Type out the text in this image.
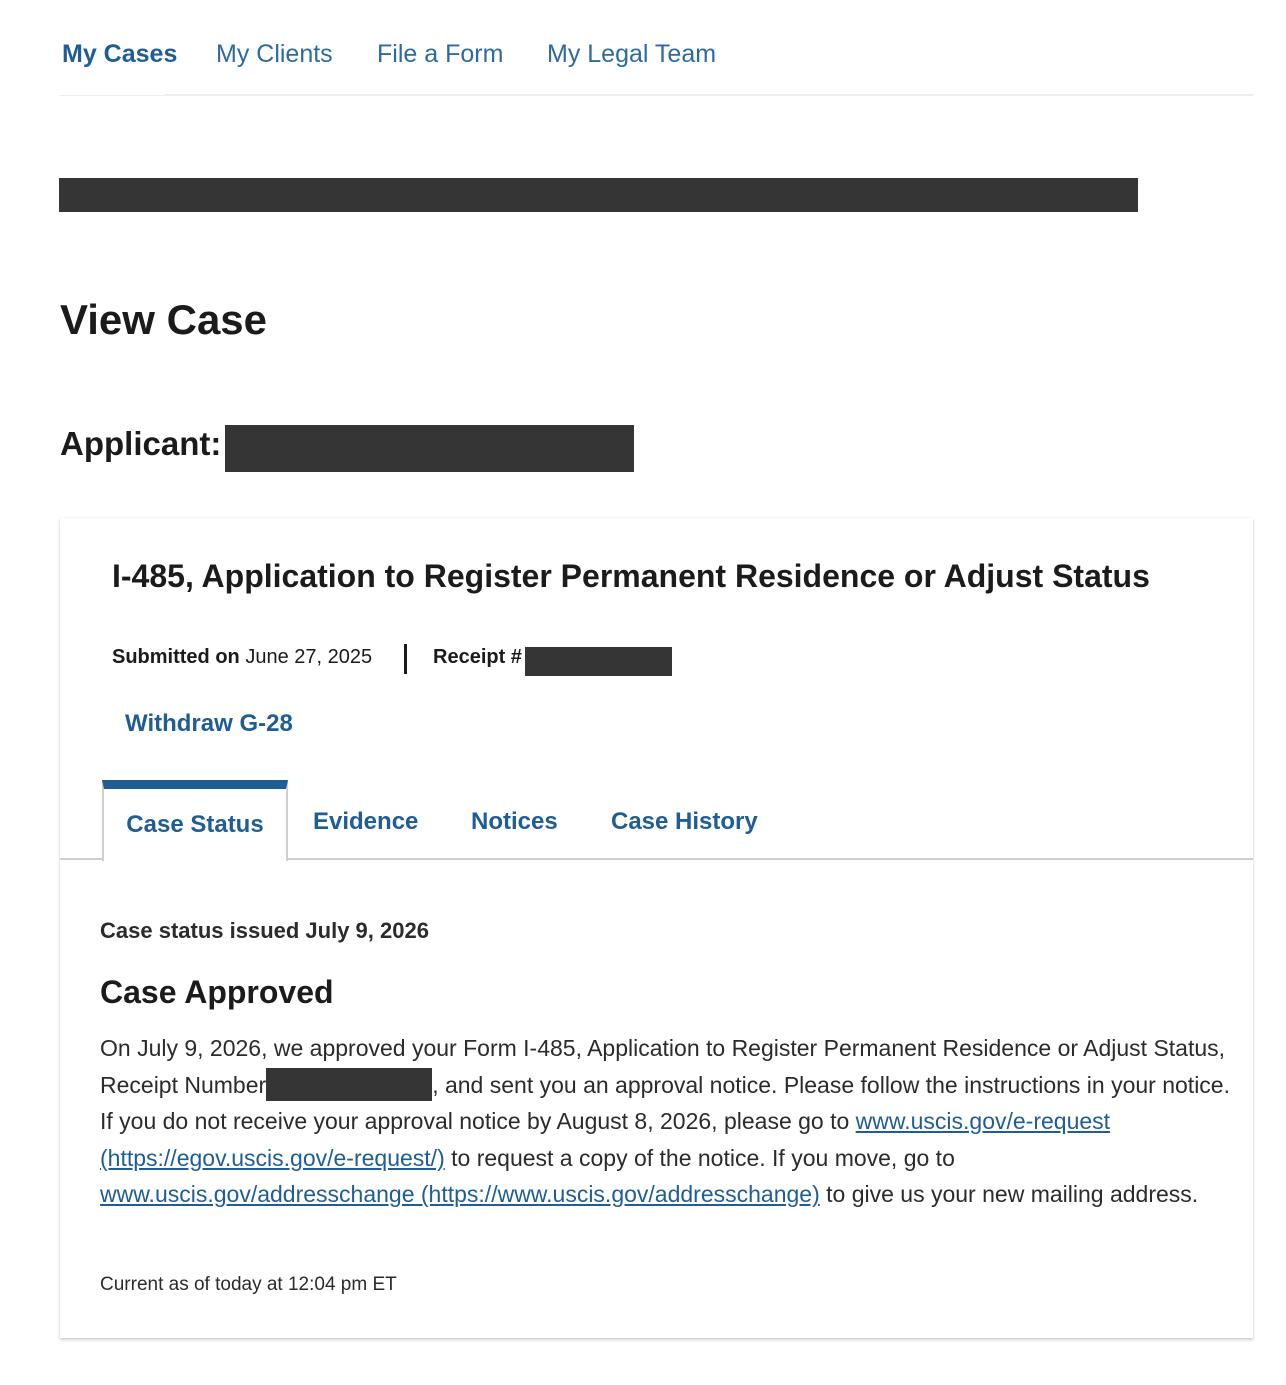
My Cases My Clients File a Form My Legal Team
View Case
Applicant:
I-485, Application to Register Permanent Residence or Adjust Status
Submitted on June 27, 2025	Receipt #
Withdraw G-28
Case Status	Evidence Notices Case History
Case status issued July 9, 2026
Case Approved

On July 9, 2026, we approved your Form I-485, Application to Register Permanent Residence or Adjust Status, Receipt Number	, and sent you an approval notice. Please follow the instructions in your notice. If you do not receive your approval notice by August 8, 2026, please go to www.uscis.gov/e-request (https://egov.uscis.gov/e-request/) to request a copy of the notice. If you move, go to www.uscis.gov/addresschange (https://www.uscis.gov/addresschange) to give us your new mailing address.

Current as of today at 12:04 pm ET
